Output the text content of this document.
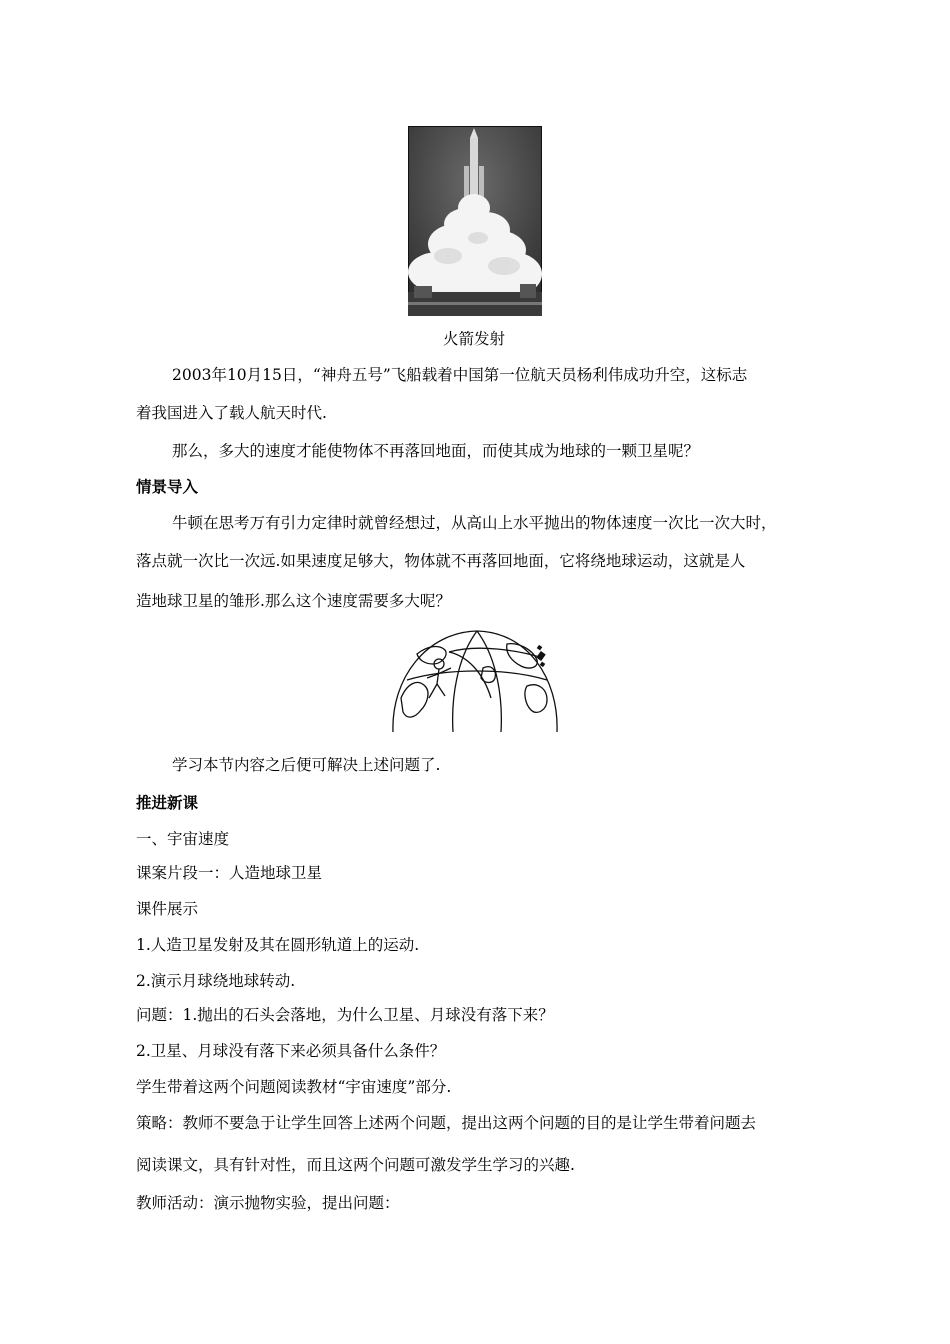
火箭发射
2003年10月15日，“神舟五号”飞船载着中国第一位航天员杨利伟成功升空，这标志
着我国进入了载人航天时代.
那么，多大的速度才能使物体不再落回地面，而使其成为地球的一颗卫星呢？
情景导入
牛顿在思考万有引力定律时就曾经想过，从高山上水平抛出的物体速度一次比一次大时，
落点就一次比一次远.如果速度足够大，物体就不再落回地面，它将绕地球运动，这就是人
造地球卫星的雏形.那么这个速度需要多大呢？
学习本节内容之后便可解决上述问题了.
推进新课
一、宇宙速度
课案片段一：人造地球卫星
课件展示
1.人造卫星发射及其在圆形轨道上的运动.
2.演示月球绕地球转动.
问题：1.抛出的石头会落地，为什么卫星、月球没有落下来？
2.卫星、月球没有落下来必须具备什么条件？
学生带着这两个问题阅读教材“宇宙速度”部分.
策略：教师不要急于让学生回答上述两个问题，提出这两个问题的目的是让学生带着问题去
阅读课文，具有针对性，而且这两个问题可激发学生学习的兴趣.
教师活动：演示抛物实验，提出问题：
